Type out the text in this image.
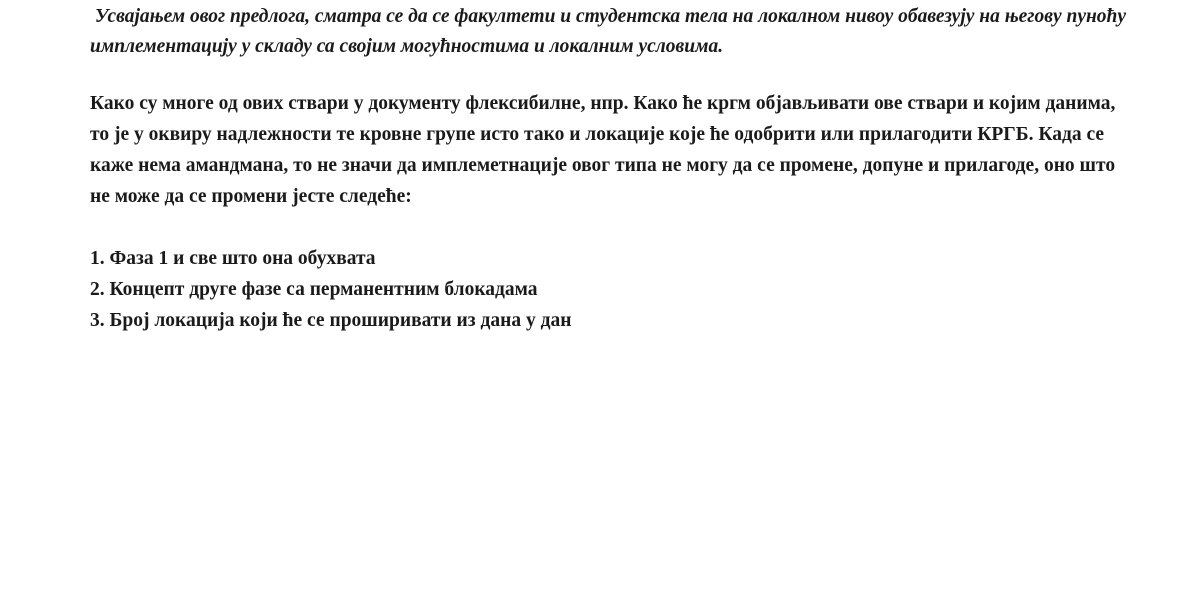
Усвајањем овог предлога, сматра се да се факултети и студентска тела на локалном нивоу обавезују на његову пуноћу имплементацију у складу са својим могућностима и локалним условима.

Како су многе од ових ствари у документу флексибилне, нпр. Како ће кргм објављивати ове ствари и којим данима, то је у оквиру надлежности те кровне групе исто тако и локације које ће одобрити или прилагодити КРГБ. Када се каже нема амандмана, то не значи да имплеметнације овог типа не могу да се промене, допуне и прилагоде, оно што не може да се промени јесте следеће:

1. Фаза 1 и све што она обухвата
2. Концепт друге фазе са перманентним блокадама
3. Број локација који ће се проширивати из дана у дан
